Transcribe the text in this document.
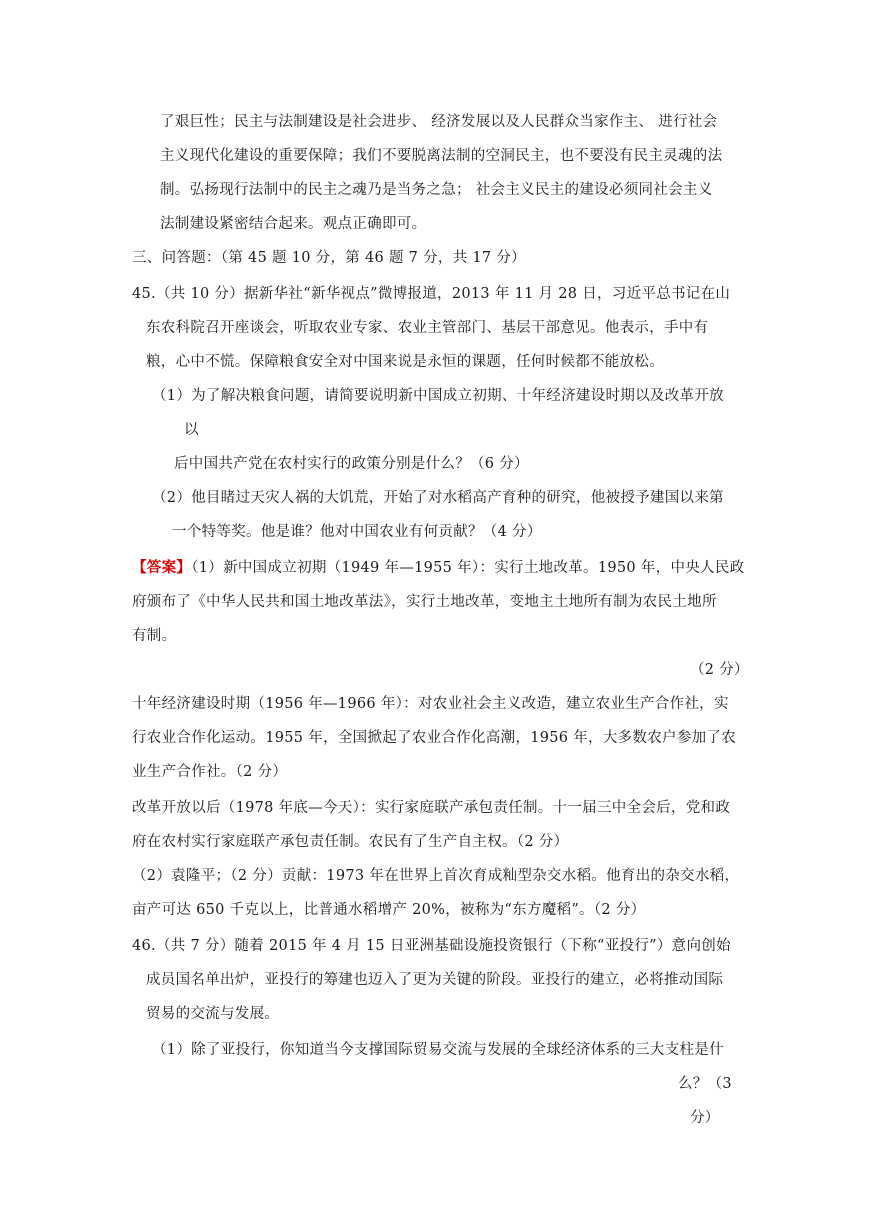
了艰巨性；民主与法制建设是社会进步、 经济发展以及人民群众当家作主、 进行社会
主义现代化建设的重要保障；我们不要脱离法制的空洞民主，也不要没有民主灵魂的法
制。弘扬现行法制中的民主之魂乃是当务之急； 社会主义民主的建设必须同社会主义
法制建设紧密结合起来。观点正确即可。
三、问答题：（第 45 题 10 分，第 46 题 7 分，共 17 分）
45.（共 10 分）据新华社“新华视点”微博报道，2013 年 11 月 28 日，习近平总书记在山
东农科院召开座谈会，听取农业专家、农业主管部门、基层干部意见。他表示，手中有
粮，心中不慌。保障粮食安全对中国来说是永恒的课题，任何时候都不能放松。
（1）为了解决粮食问题，请简要说明新中国成立初期、十年经济建设时期以及改革开放
以
后中国共产党在农村实行的政策分别是什么？（6 分）
（2）他目睹过天灾人祸的大饥荒，开始了对水稻高产育种的研究，他被授予建国以来第
一个特等奖。他是谁？他对中国农业有何贡献？（4 分）
【答案】（1）新中国成立初期（1949 年—1955 年）：实行土地改革。1950 年，中央人民政
府颁布了《中华人民共和国土地改革法》，实行土地改革，变地主土地所有制为农民土地所
有制。
（2 分）
十年经济建设时期（1956 年—1966 年）：对农业社会主义改造，建立农业生产合作社，实
行农业合作化运动。1955 年，全国掀起了农业合作化高潮，1956 年，大多数农户参加了农
业生产合作社。（2 分）
改革开放以后（1978 年底—今天）：实行家庭联产承包责任制。十一届三中全会后，党和政
府在农村实行家庭联产承包责任制。农民有了生产自主权。（2 分）
（2）袁隆平；（2 分）贡献：1973 年在世界上首次育成籼型杂交水稻。他育出的杂交水稻，
亩产可达 650 千克以上，比普通水稻增产 20%，被称为“东方魔稻”。（2 分）
46.（共 7 分）随着 2015 年 4 月 15 日亚洲基础设施投资银行（下称“亚投行”）意向创始
成员国名单出炉，亚投行的筹建也迈入了更为关键的阶段。亚投行的建立，必将推动国际
贸易的交流与发展。
（1）除了亚投行，你知道当今支撑国际贸易交流与发展的全球经济体系的三大支柱是什
么？（3
分）
